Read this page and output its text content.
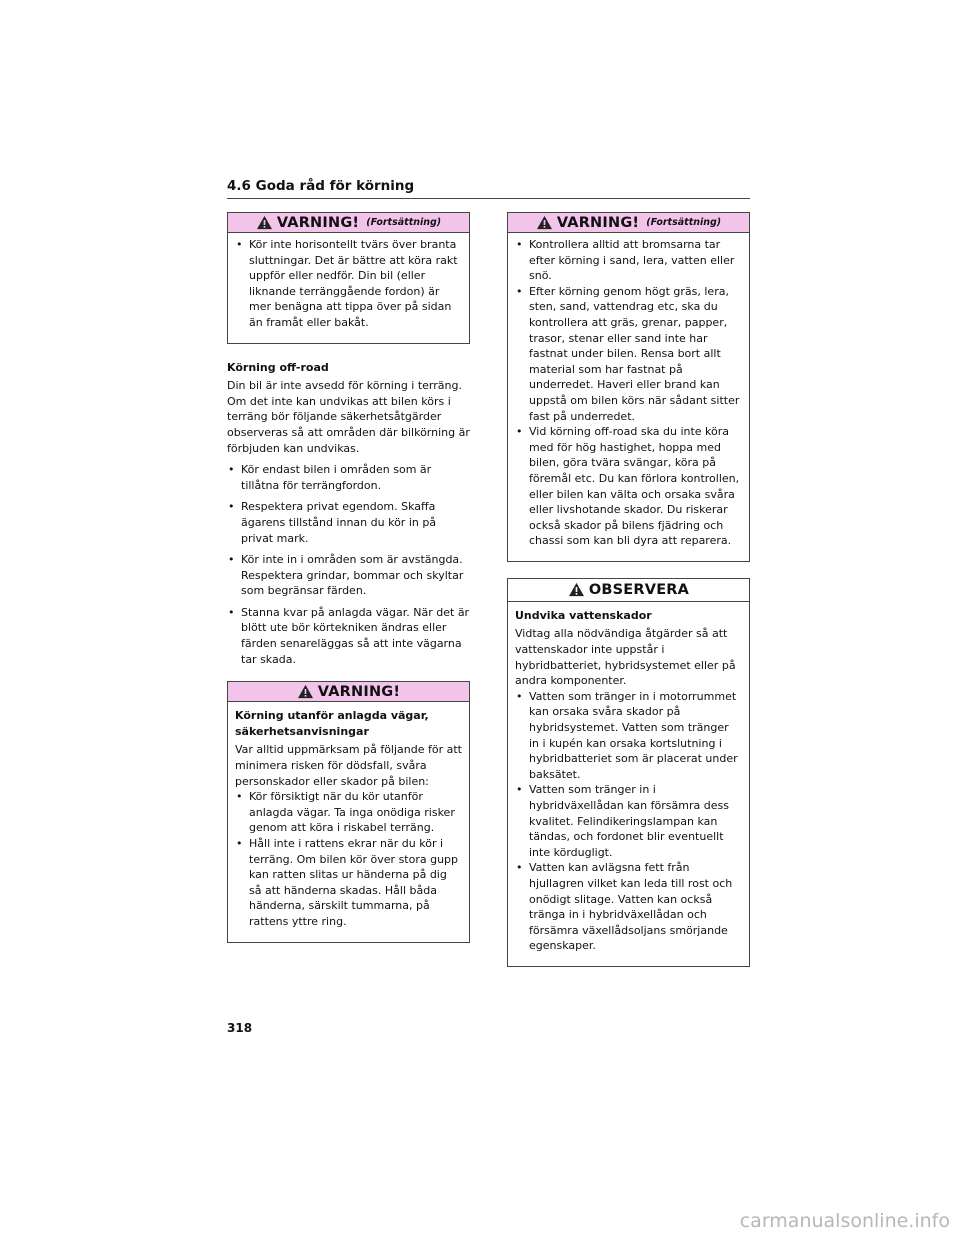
4.6 Goda råd för körning
VARNING! (Fortsättning)
• Kör inte horisontellt tvärs över branta sluttningar. Det är bättre att köra rakt uppför eller nedför. Din bil (eller liknande terränggående fordon) är mer benägna att tippa över på sidan än framåt eller bakåt.
Körning off-road

Din bil är inte avsedd för körning i terräng. Om det inte kan undvikas att bilen körs i terräng bör följande säkerhetsåtgärder observeras så att områden där bilkörning är förbjuden kan undvikas.

• Kör endast bilen i områden som är tillåtna för terrängfordon.
• Respektera privat egendom. Skaffa ägarens tillstånd innan du kör in på privat mark.
• Kör inte in i områden som är avstängda. Respektera grindar, bommar och skyltar som begränsar färden.
• Stanna kvar på anlagda vägar. När det är blött ute bör körtekniken ändras eller färden senareläggas så att inte vägarna tar skada.
VARNING!
Körning utanför anlagda vägar, säkerhetsanvisningar

Var alltid uppmärksam på följande för att minimera risken för dödsfall, svåra personskador eller skador på bilen:

• Kör försiktigt när du kör utanför anlagda vägar. Ta inga onödiga risker genom att köra i riskabel terräng.
• Håll inte i rattens ekrar när du kör i terräng. Om bilen kör över stora gupp kan ratten slitas ur händerna på dig så att händerna skadas. Håll båda händerna, särskilt tummarna, på rattens yttre ring.
VARNING! (Fortsättning)
• Kontrollera alltid att bromsarna tar efter körning i sand, lera, vatten eller snö.
• Efter körning genom högt gräs, lera, sten, sand, vattendrag etc, ska du kontrollera att gräs, grenar, papper, trasor, stenar eller sand inte har fastnat under bilen. Rensa bort allt material som har fastnat på underredet. Haveri eller brand kan uppstå om bilen körs när sådant sitter fast på underredet.
• Vid körning off-road ska du inte köra med för hög hastighet, hoppa med bilen, göra tvära svängar, köra på föremål etc. Du kan förlora kontrollen, eller bilen kan välta och orsaka svåra eller livshotande skador. Du riskerar också skador på bilens fjädring och chassi som kan bli dyra att reparera.
OBSERVERA
Undvika vattenskador

Vidtag alla nödvändiga åtgärder så att vattenskador inte uppstår i hybridbatteriet, hybridsystemet eller på andra komponenter.

• Vatten som tränger in i motorrummet kan orsaka svåra skador på hybridsystemet. Vatten som tränger in i kupén kan orsaka kortslutning i hybridbatteriet som är placerat under baksätet.
• Vatten som tränger in i hybridväxellådan kan försämra dess kvalitet. Felindikeringslampan kan tändas, och fordonet blir eventuellt inte kördugligt.
• Vatten kan avlägsna fett från hjullagren vilket kan leda till rost och onödigt slitage. Vatten kan också tränga in i hybridväxellådan och försämra växellådsoljans smörjande egenskaper.
318
carmanualsonline.info
